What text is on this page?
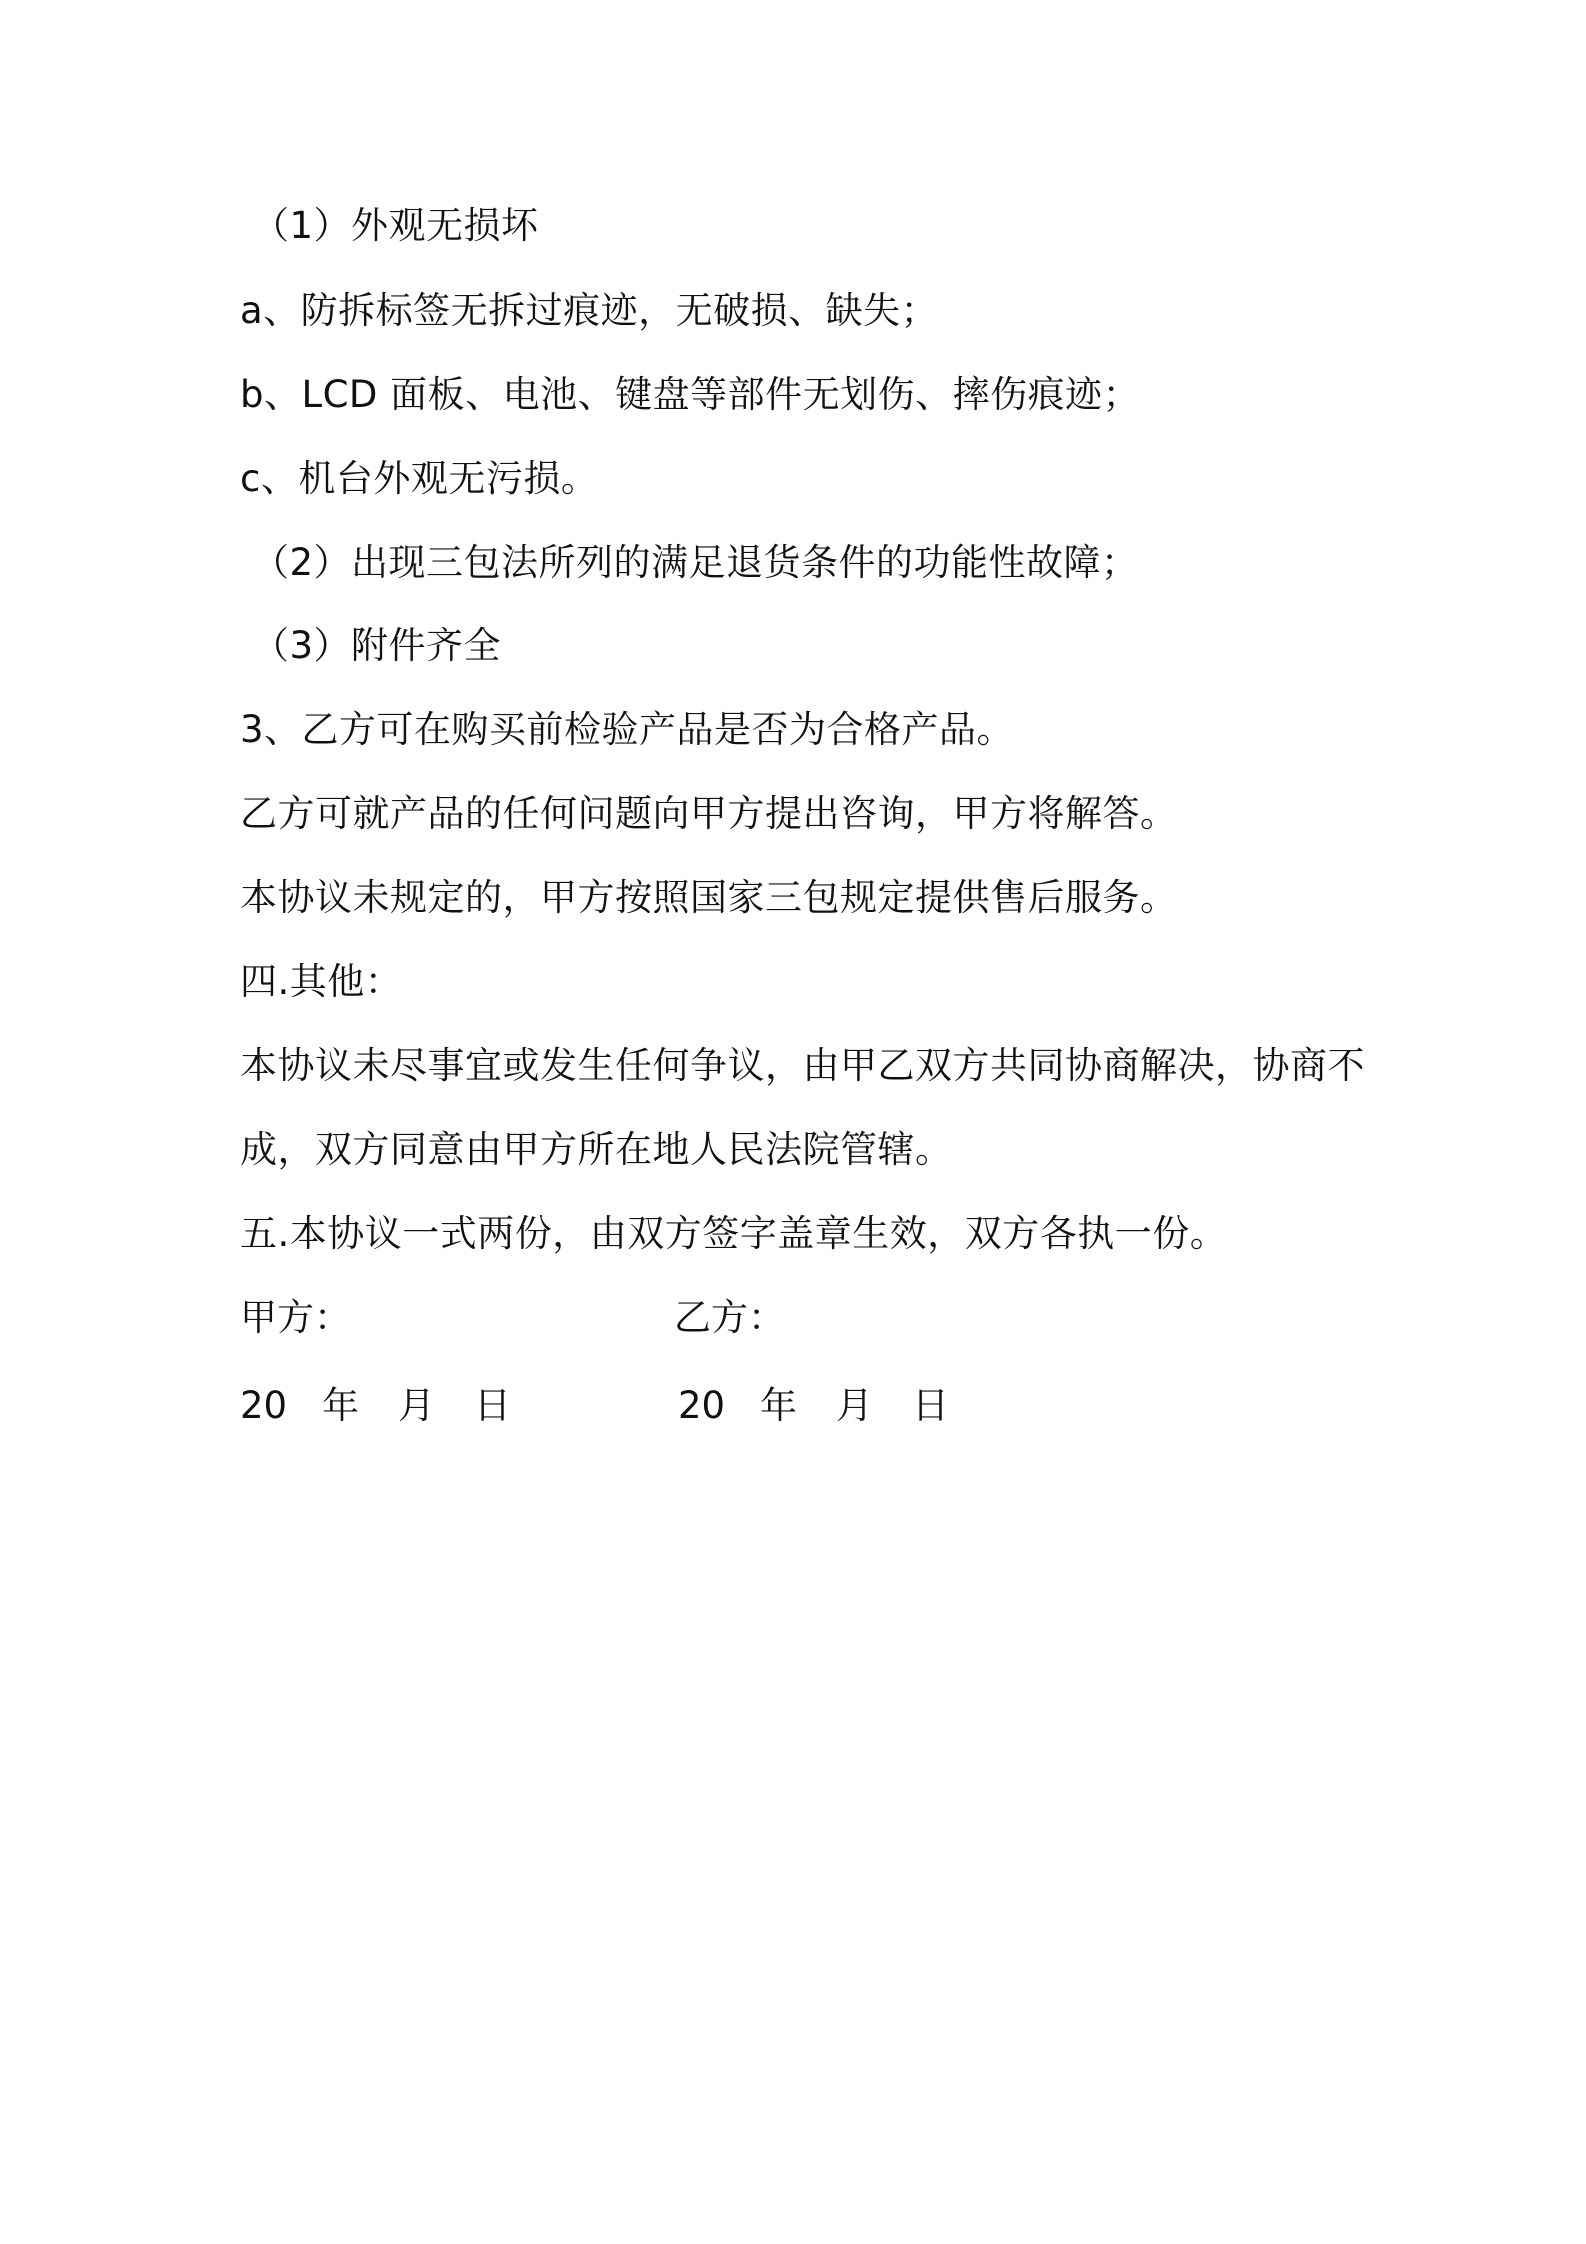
（1）外观无损坏
a、防拆标签无拆过痕迹，无破损、缺失；
b、LCD 面板、电池、键盘等部件无划伤、摔伤痕迹；
c、机台外观无污损。
（2）出现三包法所列的满足退货条件的功能性故障；
（3）附件齐全
3、乙方可在购买前检验产品是否为合格产品。
乙方可就产品的任何问题向甲方提出咨询，甲方将解答。
本协议未规定的，甲方按照国家三包规定提供售后服务。
四.其他：
本协议未尽事宜或发生任何争议，由甲乙双方共同协商解决，协商不
成，双方同意由甲方所在地人民法院管辖。
五.本协议一式两份，由双方签字盖章生效，双方各执一份。
甲方：	乙方：
20 年	月	日	20 年	月	日
